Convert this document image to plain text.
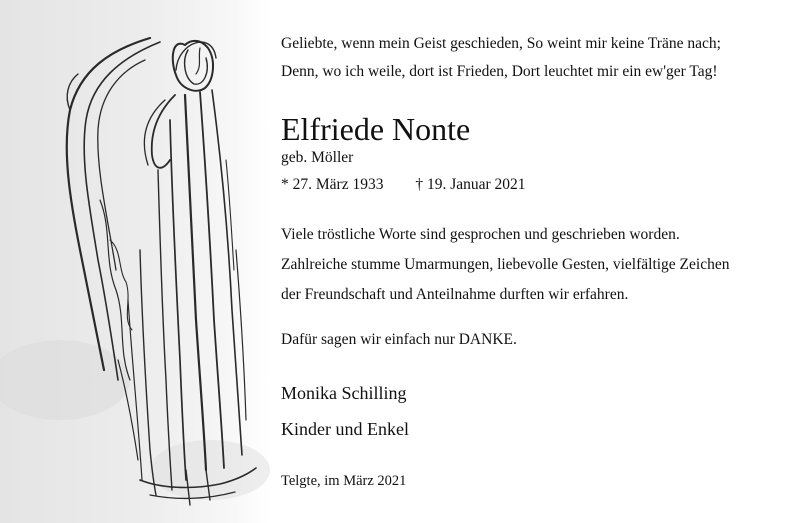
Geliebte, wenn mein Geist geschieden, So weint mir keine Träne nach;
Denn, wo ich weile, dort ist Frieden, Dort leuchtet mir ein ew'ger Tag!
Elfriede Nonte
geb. Möller
* 27. März 1933 † 19. Januar 2021
Viele tröstliche Worte sind gesprochen und geschrieben worden.
Zahlreiche stumme Umarmungen, liebevolle Gesten, vielfältige Zeichen
der Freundschaft und Anteilnahme durften wir erfahren.
Dafür sagen wir einfach nur DANKE.
Monika Schilling
Kinder und Enkel
Telgte, im März 2021
